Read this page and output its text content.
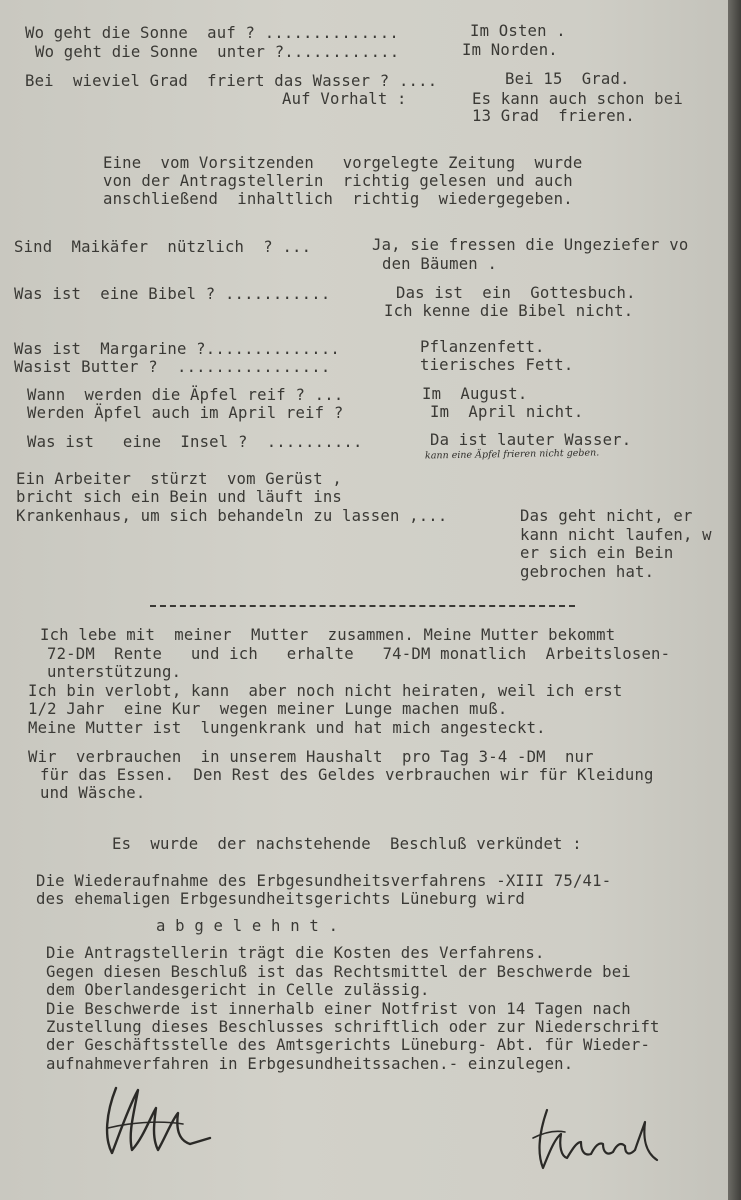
Wo geht die Sonne  auf ? ..............	Im Osten .
Wo geht die Sonne  unter ?............	Im Norden.
Bei  wieviel Grad  friert das Wasser ? ....	Bei 15  Grad.
Auf Vorhalt :	Es kann auch schon bei
13 Grad  frieren.
Eine  vom Vorsitzenden   vorgelegte Zeitung  wurde
von der Antragstellerin  richtig gelesen und auch
anschließend  inhaltlich  richtig  wiedergegeben.
Sind  Maikäfer  nützlich  ? ...	Ja, sie fressen die Ungeziefer vo
den Bäumen .
Was ist  eine Bibel ? ...........	Das ist  ein  Gottesbuch.
Ich kenne die Bibel nicht.
Was ist  Margarine ?..............	Pflanzenfett.
Wasist Butter ?  ................	tierisches Fett.
Wann  werden die Äpfel reif ? ...	Im  August.
Werden Äpfel auch im April reif ?	Im  April nicht.
Was ist   eine  Insel ?  ..........	Da ist lauter Wasser.
kann eine Äpfel frieren nicht geben.
Ein Arbeiter  stürzt  vom Gerüst ,
bricht sich ein Bein und läuft ins
Krankenhaus, um sich behandeln zu lassen ,...	Das geht nicht, er
kann nicht laufen, w
er sich ein Bein
gebrochen hat.
Ich lebe mit  meiner  Mutter  zusammen. Meine Mutter bekommt
72-DM  Rente   und ich   erhalte   74-DM monatlich  Arbeitslosen-
unterstützung.
Ich bin verlobt, kann  aber noch nicht heiraten, weil ich erst
1/2 Jahr  eine Kur  wegen meiner Lunge machen muß.
Meine Mutter ist  lungenkrank und hat mich angesteckt.
Wir  verbrauchen  in unserem Haushalt  pro Tag 3-4 -DM  nur
für das Essen.  Den Rest des Geldes verbrauchen wir für Kleidung
und Wäsche.
Es  wurde  der nachstehende  Beschluß verkündet :
Die Wiederaufnahme des Erbgesundheitsverfahrens -XIII 75/41-
des ehemaligen Erbgesundheitsgerichts Lüneburg wird
a b g e l e h n t .
Die Antragstellerin trägt die Kosten des Verfahrens.
Gegen diesen Beschluß ist das Rechtsmittel der Beschwerde bei
dem Oberlandesgericht in Celle zulässig.
Die Beschwerde ist innerhalb einer Notfrist von 14 Tagen nach
Zustellung dieses Beschlusses schriftlich oder zur Niederschrift
der Geschäftsstelle des Amtsgerichts Lüneburg- Abt. für Wieder-
aufnahmeverfahren in Erbgesundheitssachen.- einzulegen.
